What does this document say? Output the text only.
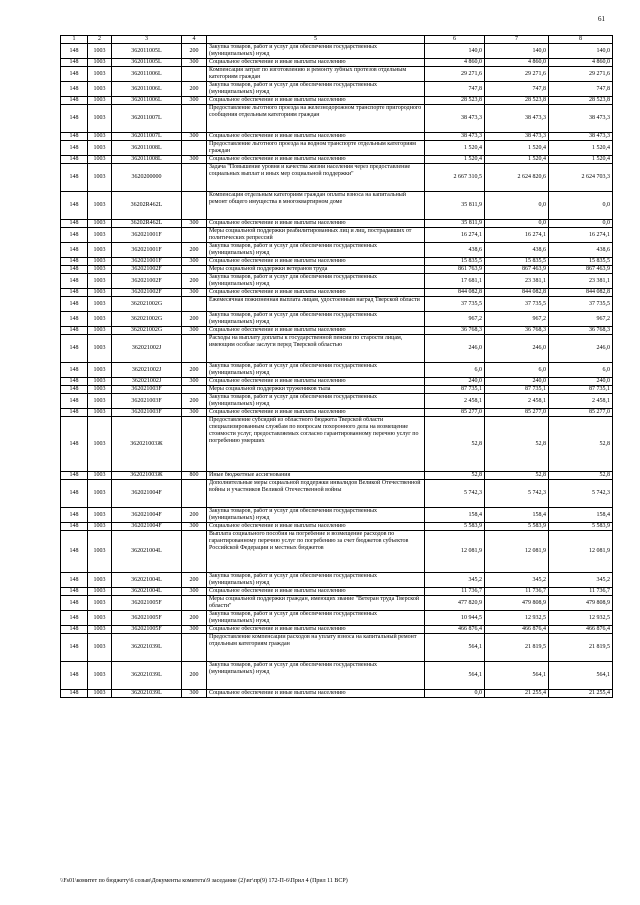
61
1	2	3	4	5	6	7	8
148	1003	362011005L	200	Закупка товаров, работ и услуг для обеспечения государственных (муниципальных) нужд	140,0	140,0	140,0
148	1003	362011005L	300	Социальное обеспечение и иные выплаты населению	4 860,0	4 860,0	4 860,0
148	1003	362011006L		Компенсация затрат по изготовлению и ремонту зубных протезов отдельным категориям граждан	29 271,6	29 271,6	29 271,6
148	1003	362011006L	200	Закупка товаров, работ и услуг для обеспечения государственных (муниципальных) нужд	747,8	747,8	747,8
148	1003	362011006L	300	Социальное обеспечение и иные выплаты населению	28 523,8	28 523,8	28 523,8
148	1003	362011007L		Предоставление льготного проезда на железнодорожном транспорте пригородного сообщения отдельным категориям граждан	38 473,3	38 473,3	38 473,3
148	1003	362011007L	300	Социальное обеспечение и иные выплаты населению	38 473,3	38 473,3	38 473,3
148	1003	362011008L		Предоставление льготного проезда на водном транспорте отдельным категориям граждан	1 520,4	1 520,4	1 520,4
148	1003	362011008L	300	Социальное обеспечение и иные выплаты населению	1 520,4	1 520,4	1 520,4
148	1003	3620200000		Задача "Повышение уровня и качества жизни населения через предоставление социальных выплат и иных мер социальной поддержки"	2 667 310,5	2 624 820,6	2 624 703,3
148	1003	36202R462L		Компенсация отдельным категориям граждан оплаты взноса на капитальный ремонт общего имущества в многоквартирном доме	35 811,9	0,0	0,0
148	1003	36202R462L	300	Социальное обеспечение и иные выплаты населению	35 811,9	0,0	0,0
148	1003	362021001F		Меры социальной поддержки реабилитированных лиц и лиц, пострадавших от политических репрессий	16 274,1	16 274,1	16 274,1
148	1003	362021001F	200	Закупка товаров, работ и услуг для обеспечения государственных (муниципальных) нужд	438,6	438,6	438,6
148	1003	362021001F	300	Социальное обеспечение и иные выплаты населению	15 835,5	15 835,5	15 835,5
148	1003	362021002F		Меры социальной поддержки ветеранов труда	861 763,9	867 463,9	867 463,9
148	1003	362021002F	200	Закупка товаров, работ и услуг для обеспечения государственных (муниципальных) нужд	17 681,1	23 381,1	23 381,1
148	1003	362021002F	300	Социальное обеспечение и иные выплаты населению	844 082,8	844 082,8	844 082,8
148	1003	362021002G		Ежемесячная пожизненная выплата лицам, удостоенным наград Тверской области	37 735,5	37 735,5	37 735,5
148	1003	362021002G	200	Закупка товаров, работ и услуг для обеспечения государственных (муниципальных) нужд	967,2	967,2	967,2
148	1003	362021002G	300	Социальное обеспечение и иные выплаты населению	36 768,3	36 768,3	36 768,3
148	1003	362021002J		Расходы на выплату доплаты к государственной пенсии по старости лицам, имеющим особые заслуги перед Тверской областью	246,0	246,0	246,0
148	1003	362021002J	200	Закупка товаров, работ и услуг для обеспечения государственных (муниципальных) нужд	6,0	6,0	6,0
148	1003	362021002J	300	Социальное обеспечение и иные выплаты населению	240,0	240,0	240,0
148	1003	362021003F		Меры социальной поддержки тружеников тыла	87 735,1	87 735,1	87 735,1
148	1003	362021003F	200	Закупка товаров, работ и услуг для обеспечения государственных (муниципальных) нужд	2 458,1	2 458,1	2 458,1
148	1003	362021003F	300	Социальное обеспечение и иные выплаты населению	85 277,0	85 277,0	85 277,0
148	1003	362021003Ж		Предоставление субсидий из областного бюджета Тверской области специализированным службам по вопросам похоронного дела на возмещение стоимости услуг, предоставляемых согласно гарантированному перечню услуг по погребению умерших	52,8	52,8	52,8
148	1003	362021003Ж	800	Иные бюджетные ассигнования	52,8	52,8	52,8
148	1003	362021004F		Дополнительные меры социальной поддержки инвалидов Великой Отечественной войны и участников Великой Отечественной войны	5 742,3	5 742,3	5 742,3
148	1003	362021004F	200	Закупка товаров, работ и услуг для обеспечения государственных (муниципальных) нужд	158,4	158,4	158,4
148	1003	362021004F	300	Социальное обеспечение и иные выплаты населению	5 583,9	5 583,9	5 583,9
148	1003	362021004L		Выплата социального пособия на погребение и возмещение расходов по гарантированному перечню услуг по погребению за счет бюджетов субъектов Российской Федерации и местных бюджетов	12 081,9	12 081,9	12 081,9
148	1003	362021004L	200	Закупка товаров, работ и услуг для обеспечения государственных (муниципальных) нужд	345,2	345,2	345,2
148	1003	362021004L	300	Социальное обеспечение и иные выплаты населению	11 736,7	11 736,7	11 736,7
148	1003	362021005F		Меры социальной поддержки граждан, имеющих звание "Ветеран труда Тверской области"	477 820,9	479 808,9	479 808,9
148	1003	362021005F	200	Закупка товаров, работ и услуг для обеспечения государственных (муниципальных) нужд	10 944,5	12 932,5	12 932,5
148	1003	362021005F	300	Социальное обеспечение и иные выплаты населению	466 876,4	466 876,4	466 876,4
148	1003	362021039L		Предоставление компенсации расходов на уплату взноса на капитальный ремонт отдельным категориям граждан	564,1	21 819,5	21 819,5
148	1003	362021039L	200	Закупка товаров, работ и услуг для обеспечения государственных (муниципальных) нужд	564,1	564,1	564,1
148	1003	362021039L	300	Социальное обеспечение и иные выплаты населению	0,0	21 255,4	21 255,4
\\Fs01\комитет по бюджету\6 созыв\Документы комитета\9 заседание (2)\вг\пр(9) 172-П-6\Прил 4 (Прил 11 ВСР)
